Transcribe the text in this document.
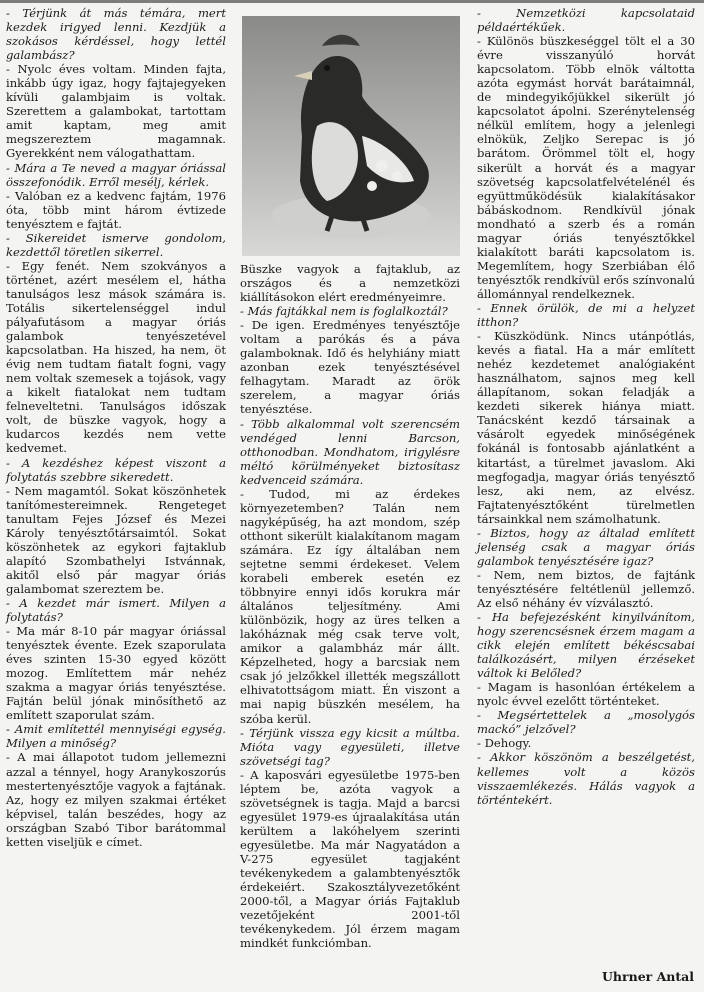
- Térjünk át más témára, mert kezdek irigyed lenni. Kezdjük a szokásos kérdéssel, hogy lettél galambász?

- Nyolc éves voltam. Minden fajta, inkább úgy igaz, hogy fajtajegyeken kívüli galambjaim is voltak. Szerettem a galambokat, tartottam amit kaptam, meg amit megszereztem magamnak. Gyerekként nem válogathattam.

- Mára a Te neved a magyar óriással összefonódik. Erről mesélj, kérlek.

- Valóban ez a kedvenc fajtám, 1976 óta, több mint három évtizede tenyésztem e fajtát.

- Sikereidet ismerve gondolom, kezdettől töretlen sikerrel.

- Egy fenét. Nem szokványos a történet, azért mesélem el, hátha tanulságos lesz mások számára is. Totális sikertelenséggel indul pályafutásom a magyar óriás galambok tenyészetével kapcsolatban. Ha hiszed, ha nem, öt évig nem tudtam fiatalt fogni, vagy nem voltak szemesek a tojások, vagy a kikelt fiatalokat nem tudtam felneveltetni. Tanulságos időszak volt, de büszke vagyok, hogy a kudarcos kezdés nem vette kedvemet.

- A kezdéshez képest viszont a folytatás szebbre sikeredett.

- Nem magamtól. Sokat köszönhetek tanítómestereimnek. Rengeteget tanultam Fejes József és Mezei Károly tenyésztőtársaimtól. Sokat köszönhetek az egykori fajtaklub alapító Szombathelyi Istvánnak, akitől első pár magyar óriás galambomat szereztem be.

- A kezdet már ismert. Milyen a folytatás?

- Ma már 8-10 pár magyar óriással tenyésztek évente. Ezek szaporulata éves szinten 15-30 egyed között mozog. Említettem már nehéz szakma a magyar óriás tenyésztése. Fajtán belül jónak minősíthető az említett szaporulat szám.

- Amit említettél mennyiségi egység. Milyen a minőség?

- A mai állapotot tudom jellemezni azzal a ténnyel, hogy Aranykoszorús mestertenyésztője vagyok a fajtának. Az, hogy ez milyen szakmai értéket képvisel, talán beszédes, hogy az országban Szabó Tibor barátommal ketten viseljük e címet.

Büszke vagyok a fajtaklub, az országos és a nemzetközi kiállításokon elért eredményeimre.

- Más fajtákkal nem is foglalkoztál?

- De igen. Eredményes tenyésztője voltam a parókás és a páva galamboknak. Idő és helyhiány miatt azonban ezek tenyésztésével felhagytam. Maradt az örök szerelem, a magyar óriás tenyésztése.

- Több alkalommal volt szerencsém vendéged lenni Barcson, otthonodban. Mondhatom, irigylésre méltó körülményeket biztosítasz kedvenceid számára.

- Tudod, mi az érdekes környezetemben? Talán nem nagyképűség, ha azt mondom, szép otthont sikerült kialakítanom magam számára. Ez így általában nem sejtetne semmi érdekeset. Velem korabeli emberek esetén ez többnyire ennyi idős korukra már általános teljesítmény. Ami különbözik, hogy az üres telken a lakóháznak még csak terve volt, amikor a galambház már állt. Képzelheted, hogy a barcsiak nem csak jó jelzőkkel illették megszállott elhivatottságom miatt. Én viszont a mai napig büszkén mesélem, ha szóba kerül.

- Térjünk vissza egy kicsit a múltba. Mióta vagy egyesületi, illetve szövetségi tag?

- A kaposvári egyesületbe 1975-ben léptem be, azóta vagyok a szövetségnek is tagja. Majd a barcsi egyesület 1979-es újraalakítása után kerültem a lakóhelyem szerinti egyesületbe. Ma már Nagyatádon a V-275 egyesület tagjaként tevékenykedem a galambtenyésztők érdekeiért. Szakosztályvezetőként 2000-től, a Magyar óriás Fajtaklub vezetőjeként 2001-től tevékenykedem. Jól érzem magam mindkét funkciómban.

- Nemzetközi kapcsolataid példaértékűek.

- Különös büszkeséggel tölt el a 30 évre visszanyúló horvát kapcsolatom. Több elnök váltotta azóta egymást horvát barátaimnál, de mindegyikőjükkel sikerült jó kapcsolatot ápolni. Szerénytelenség nélkül említem, hogy a jelenlegi elnökük, Zeljko Serepac is jó barátom. Örömmel tölt el, hogy sikerült a horvát és a magyar szövetség kapcsolatfelvételénél és együttműködésük kialakításakor bábáskodnom. Rendkívül jónak mondható a szerb és a román magyar óriás tenyésztőkkel kialakított baráti kapcsolatom is. Megemlítem, hogy Szerbiában élő tenyésztők rendkívül erős színvonalú állománnyal rendelkeznek.

- Ennek örülök, de mi a helyzet itthon?

- Küszködünk. Nincs utánpótlás, kevés a fiatal. Ha a már említett nehéz kezdetemet analógiaként használhatom, sajnos meg kell állapítanom, sokan feladják a kezdeti sikerek hiánya miatt. Tanácsként kezdő társainak a vásárolt egyedek minőségének fokánál is fontosabb ajánlatként a kitartást, a türelmet javaslom. Aki megfogadja, magyar óriás tenyésztő lesz, aki nem, az elvész. Fajtatenyésztőként türelmetlen társainkkal nem számolhatunk.

- Biztos, hogy az általad említett jelenség csak a magyar óriás galambok tenyésztésére igaz?

- Nem, nem biztos, de fajtánk tenyésztésére feltétlenül jellemző. Az első néhány év vízválasztó.

- Ha befejezésként kinyilvánítom, hogy szerencsésnek érzem magam a cikk elején említett békéscsabai találkozásért, milyen érzéseket váltok ki Belőled?

- Magam is hasonlóan értékelem a nyolc évvel ezelőtt történteket.

- Megsértettelek a „mosolygós mackó” jelzővel?

- Dehogy.

- Akkor köszönöm a beszélgetést, kellemes volt a közös visszaemlékezés. Hálás vagyok a történtekért.

Uhrner Antal
